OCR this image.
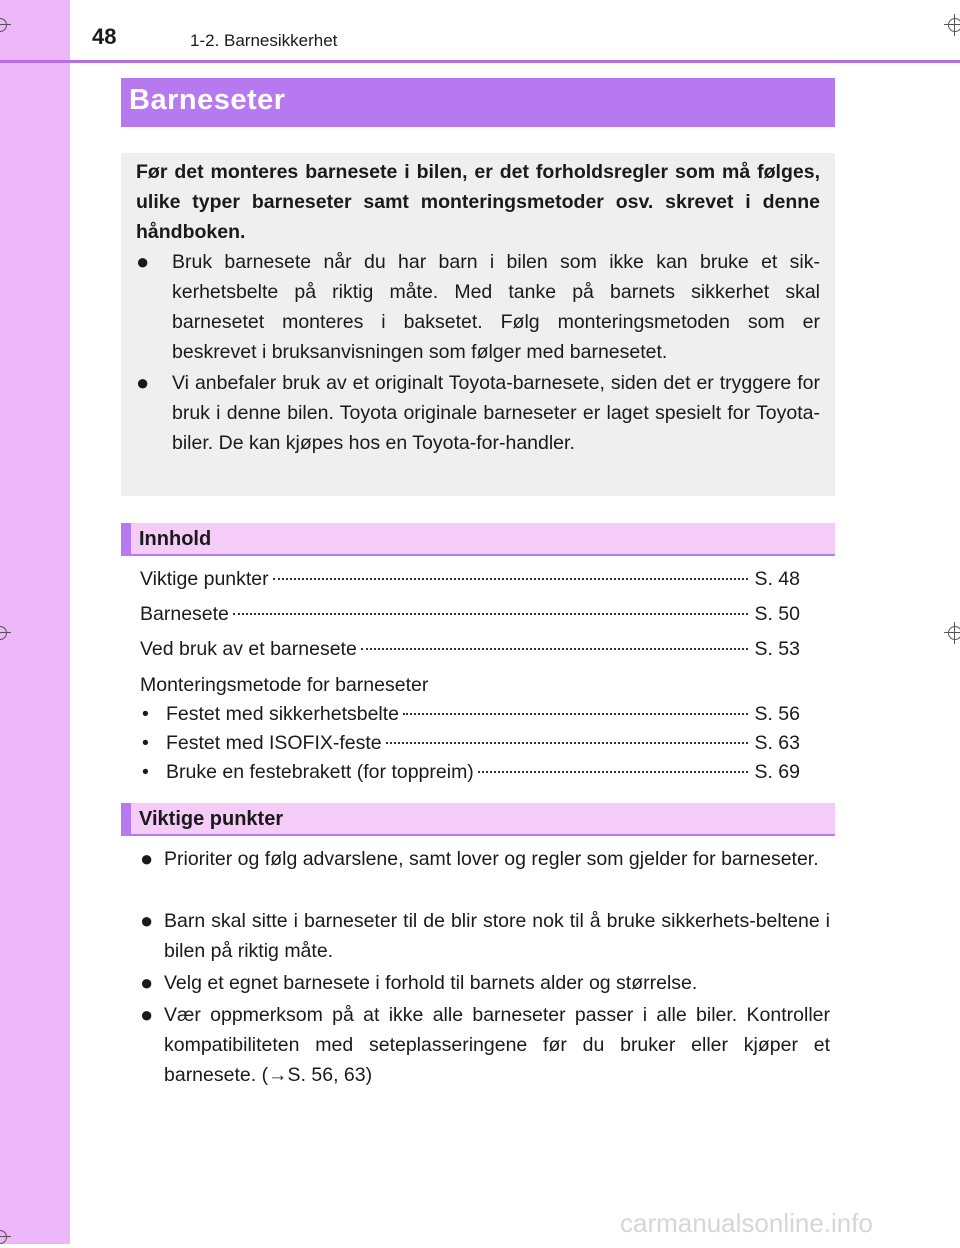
48	1-2. Barnesikkerhet
Barneseter
Før det monteres barnesete i bilen, er det forholdsregler som må følges, ulike typer barneseter samt monteringsmetoder osv. skrevet i denne håndboken.
● Bruk barnesete når du har barn i bilen som ikke kan bruke et sik-kerhetsbelte på riktig måte. Med tanke på barnets sikkerhet skal barnesetet monteres i baksetet. Følg monteringsmetoden som er beskrevet i bruksanvisningen som følger med barnesetet.
● Vi anbefaler bruk av et originalt Toyota-barnesete, siden det er tryggere for bruk i denne bilen. Toyota originale barneseter er laget spesielt for Toyota-biler. De kan kjøpes hos en Toyota-for-handler.
Innhold
Viktige punkter	S. 48
Barnesete	S. 50
Ved bruk av et barnesete	S. 53
Monteringsmetode for barneseter
• Festet med sikkerhetsbelte	S. 56
• Festet med ISOFIX-feste	S. 63
• Bruke en festebrakett (for toppreim)	S. 69
Viktige punkter
● Prioriter og følg advarslene, samt lover og regler som gjelder for barneseter.
● Barn skal sitte i barneseter til de blir store nok til å bruke sikkerhets-beltene i bilen på riktig måte.
● Velg et egnet barnesete i forhold til barnets alder og størrelse.
● Vær oppmerksom på at ikke alle barneseter passer i alle biler. Kontroller kompatibiliteten med seteplasseringene før du bruker eller kjøper et barnesete. (→S. 56, 63)
carmanualsonline.info
